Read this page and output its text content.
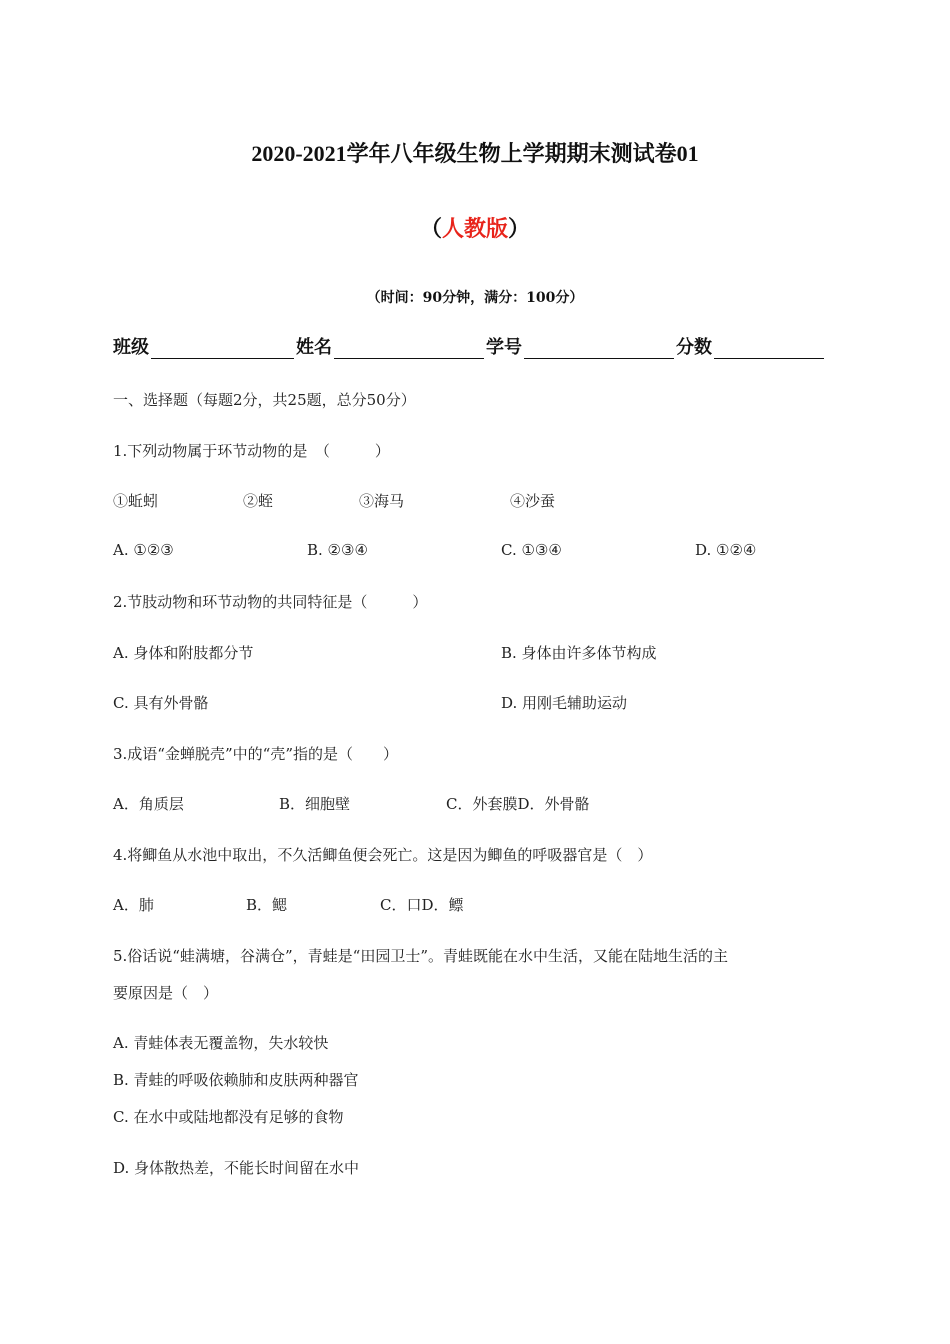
2020-2021学年八年级生物上学期期末测试卷01
（人教版）
（时间：90分钟，满分：100分）
班级	姓名	学号	分数
一、选择题（每题2分，共25题，总分50分）
1.下列动物属于环节动物的是　（　　　）
①蚯蚓	②蛭	③海马	④沙蚕
A. ①②③	B. ②③④	C. ①③④	D. ①②④
2.节肢动物和环节动物的共同特征是（　　　）
A. 身体和附肢都分节	B. 身体由许多体节构成
C. 具有外骨骼	D. 用刚毛辅助运动
3.成语“金蝉脱壳”中的“壳”指的是（　　）
A．角质层	B．细胞壁	C．外套膜D．外骨骼
4.将鲫鱼从水池中取出，不久活鲫鱼便会死亡。这是因为鲫鱼的呼吸器官是（　）
A．肺	B．鳃	C．口D．鳔
5.俗话说“蛙满塘，谷满仓”，青蛙是“田园卫士”。青蛙既能在水中生活，又能在陆地生活的主
要原因是（　）
A. 青蛙体表无覆盖物，失水较快
B. 青蛙的呼吸依赖肺和皮肤两种器官
C. 在水中或陆地都没有足够的食物
D. 身体散热差，不能长时间留在水中
